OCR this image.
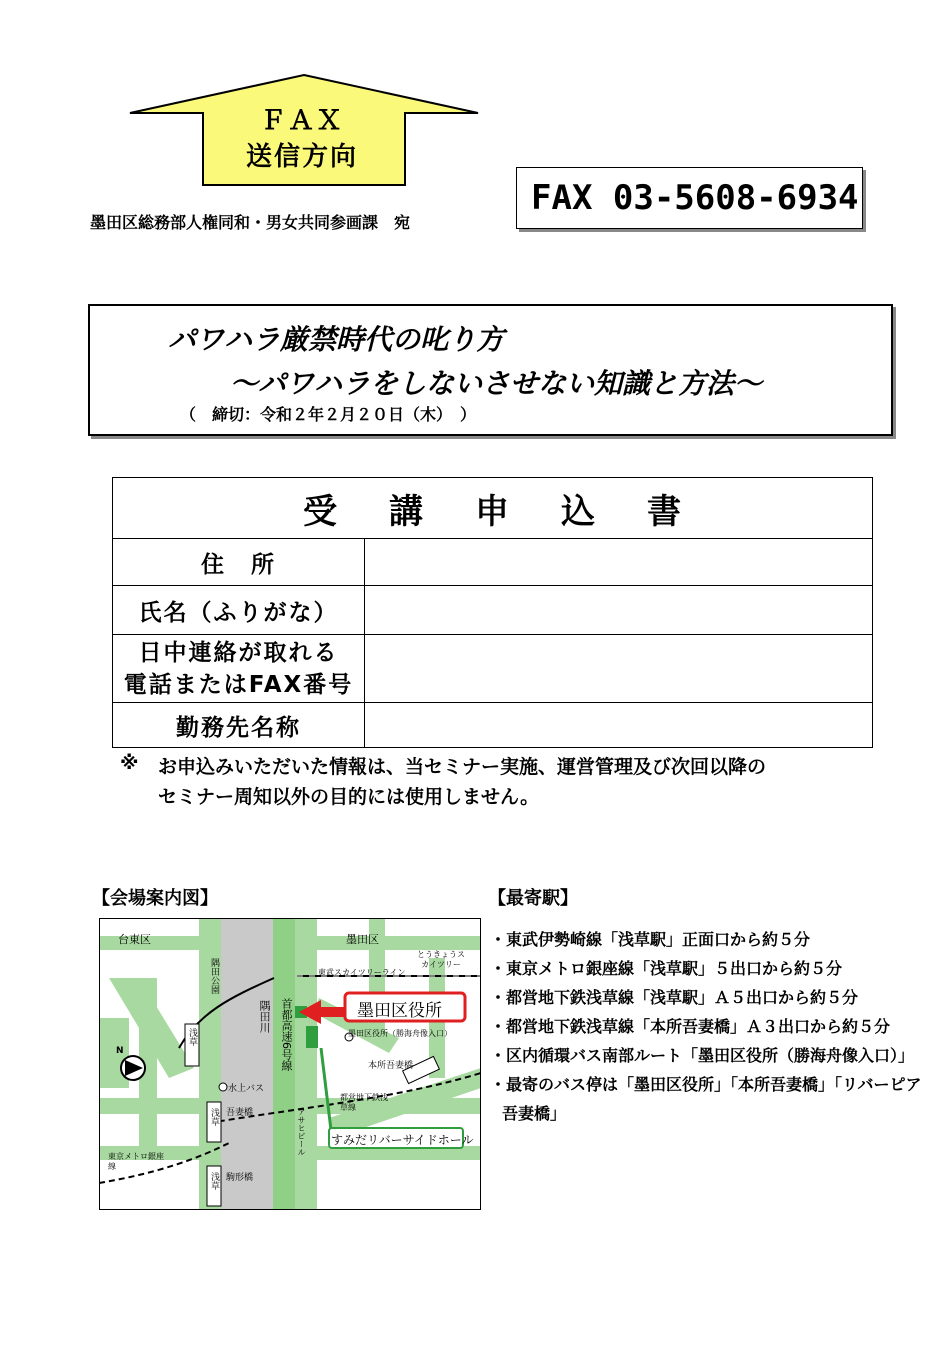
ＦＡＸ
送信方向
墨田区総務部人権同和・男女共同参画課　宛
FAX 03-5608-6934
パワハラ厳禁時代の叱り方
～パワハラをしないさせない知識と方法～
（　締切：令和２年２月２０日（木）　）
受講申込書	
住　所	
氏名（ふりがな）	

日中連絡が取れる
電話またはFAX番号	

勤務先名称	
※ お申込みいただいた情報は、当セミナー実施、運営管理及び次回以降の
セミナー周知以外の目的には使用しません。
【会場案内図】
台東区	墨田区
隅田公園
隅田川 首都高速6号線
浅草
浅草
浅草
水上バス
吾妻橋
駒形橋
東京メトロ銀座線
アサヒビール
東武スカイツリーライン
とうきょうスカイツリー
墨田区役所
墨田区役所（勝海舟像入口）
本所吾妻橋
都営地下鉄浅草線
すみだリバーサイドホール
N
【最寄駅】
・東武伊勢崎線「浅草駅」正面口から約５分
・東京メトロ銀座線「浅草駅」５出口から約５分
・都営地下鉄浅草線「浅草駅」Ａ５出口から約５分
・都営地下鉄浅草線「本所吾妻橋」Ａ３出口から約５分
・区内循環バス南部ルート「墨田区役所（勝海舟像入口）」
・最寄のバス停は「墨田区役所」「本所吾妻橋」「リバーピア吾妻橋」
